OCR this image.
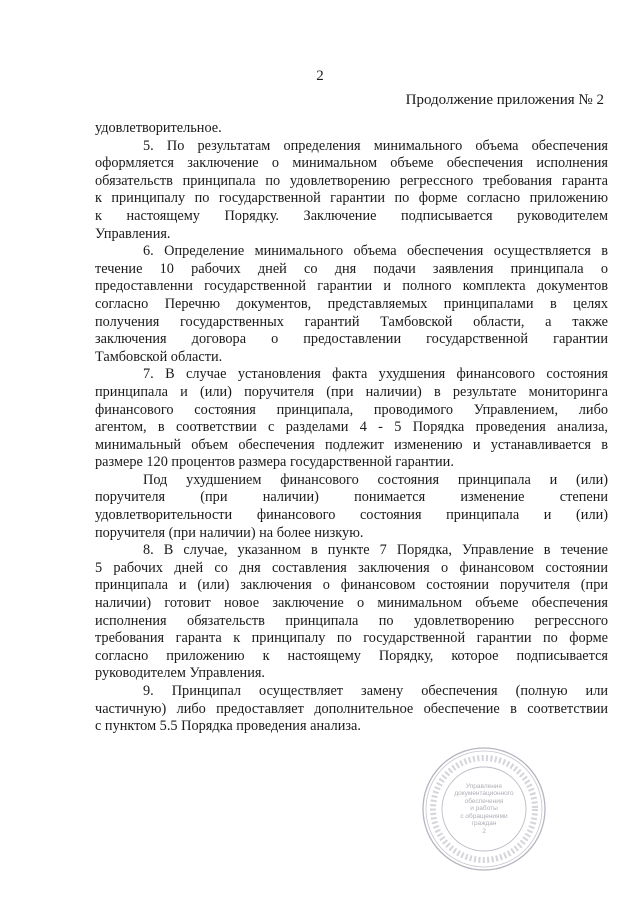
2
Продолжение приложения № 2

удовлетворительное.

5. По результатам определения минимального объема обеспечения

оформляется заключение о минимальном объеме обеспечения исполнения

обязательств принципала по удовлетворению регрессного требования гаранта

к принципалу по государственной гарантии по форме согласно приложению

к настоящему Порядку. Заключение подписывается руководителем

Управления.

6. Определение минимального объема обеспечения осуществляется в

течение 10 рабочих дней со дня подачи заявления принципала о

предоставленни государственной гарантии и полного комплекта документов

согласно Перечню документов, представляемых принципалами в целях

получения государственных гарантий Тамбовской области, а также

заключения договора о предоставлении государственной гарантии

Тамбовской области.

7. В случае установления факта ухудшения финансового состояния

принципала и (или) поручителя (при наличии) в результате мониторинга

финансового состояния принципала, проводимого Управлением, либо

агентом, в соответствии с разделами 4 - 5 Порядка проведения анализа,

минимальный объем обеспечения подлежит изменению и устанавливается в

размере 120 процентов размера государственной гарантии.

Под ухудшением финансового состояния принципала и (или)

поручителя (при наличии) понимается изменение степени

удовлетворительности финансового состояния принципала и (или)

поручителя (при наличии) на более низкую.

8. В случае, указанном в пункте 7 Порядка, Управление в течение

5 рабочих дней со дня составления заключения о финансовом состоянии

принципала и (или) заключения о финансовом состоянии поручителя (при

наличии) готовит новое заключение о минимальном объеме обеспечения

исполнения обязательств принципала по удовлетворению регрессного

требования гаранта к принципалу по государственной гарантии по форме

согласно приложению к настоящему Порядку, которое подписывается

руководителем Управления.

9. Принципал осуществляет замену обеспечения (полную или

частичную) либо предоставляет дополнительное обеспечение в соответствии

с пунктом 5.5 Порядка проведения анализа.

Управление
документационного
обеспечения
и работы
с обращениями
граждан
2
